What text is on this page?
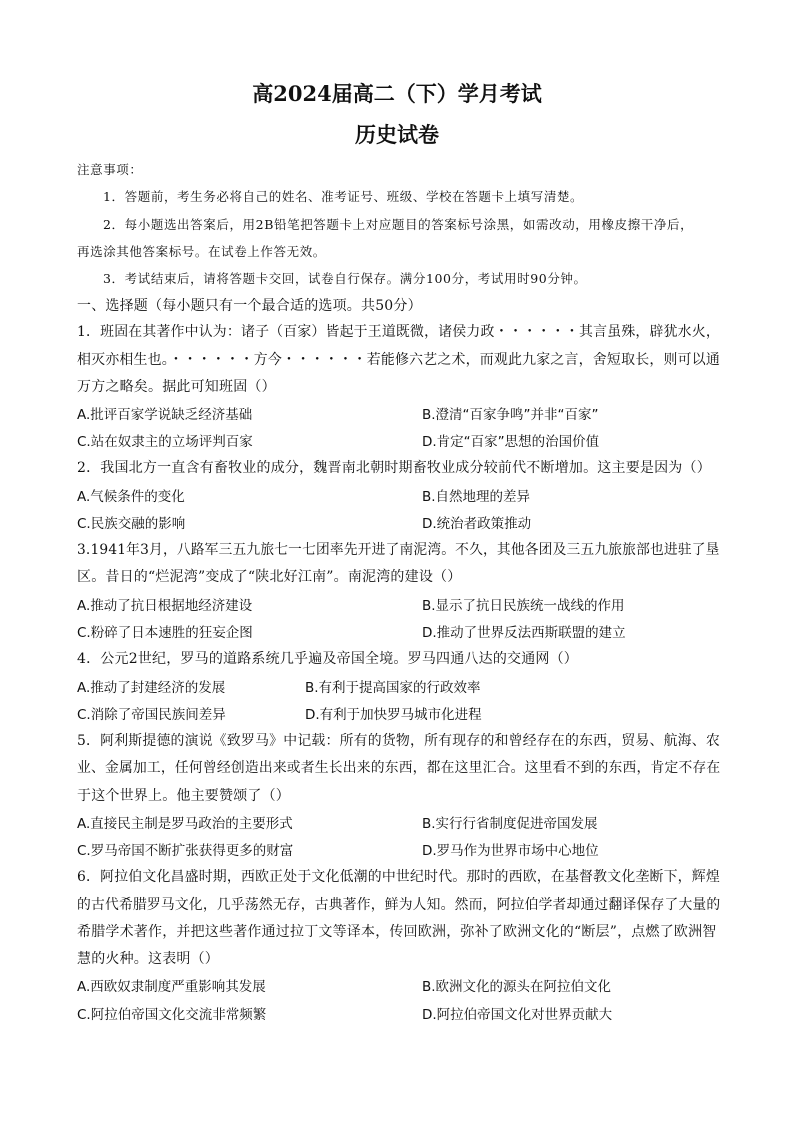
高2024届高二（下）学月考试
历史试卷
注意事项：
1．答题前，考生务必将自己的姓名、准考证号、班级、学校在答题卡上填写清楚。
2．每小题选出答案后，用2B铅笔把答题卡上对应题目的答案标号涂黑，如需改动，用橡皮擦干净后，
再选涂其他答案标号。在试卷上作答无效。
3．考试结束后，请将答题卡交回，试卷自行保存。满分100分，考试用时90分钟。
一、选择题（每小题只有一个最合适的选项。共50分）
1．班固在其著作中认为：诸子（百家）皆起于王道既微，诸侯力政・・・・・・其言虽殊，辟犹水火，
相灭亦相生也。・・・・・・方今・・・・・・若能修六艺之术，而观此九家之言，舍短取长，则可以通
万方之略矣。据此可知班固（）
A.批评百家学说缺乏经济基础	B.澄清“百家争鸣”并非“百家”
C.站在奴隶主的立场评判百家	D.肯定“百家”思想的治国价值
2．我国北方一直含有畜牧业的成分，魏晋南北朝时期畜牧业成分较前代不断增加。这主要是因为（）
A.气候条件的变化	B.自然地理的差异
C.民族交融的影响	D.统治者政策推动
3.1941年3月，八路军三五九旅七一七团率先开进了南泥湾。不久，其他各团及三五九旅旅部也进驻了垦
区。昔日的“烂泥湾”变成了“陕北好江南”。南泥湾的建设（）
A.推动了抗日根据地经济建设	B.显示了抗日民族统一战线的作用
C.粉碎了日本速胜的狂妄企图	D.推动了世界反法西斯联盟的建立
4．公元2世纪，罗马的道路系统几乎遍及帝国全境。罗马四通八达的交通网（）
A.推动了封建经济的发展	B.有利于提高国家的行政效率
C.消除了帝国民族间差异	D.有利于加快罗马城市化进程
5．阿利斯提德的演说《致罗马》中记载：所有的货物，所有现存的和曾经存在的东西，贸易、航海、农
业、金属加工，任何曾经创造出来或者生长出来的东西，都在这里汇合。这里看不到的东西，肯定不存在
于这个世界上。他主要赞颂了（）
A.直接民主制是罗马政治的主要形式	B.实行行省制度促进帝国发展
C.罗马帝国不断扩张获得更多的财富	D.罗马作为世界市场中心地位
6．阿拉伯文化昌盛时期，西欧正处于文化低潮的中世纪时代。那时的西欧，在基督教文化垄断下，辉煌
的古代希腊罗马文化，几乎荡然无存，古典著作，鲜为人知。然而，阿拉伯学者却通过翻译保存了大量的
希腊学术著作，并把这些著作通过拉丁文等译本，传回欧洲，弥补了欧洲文化的“断层”，点燃了欧洲智
慧的火种。这表明（）
A.西欧奴隶制度严重影响其发展	B.欧洲文化的源头在阿拉伯文化
C.阿拉伯帝国文化交流非常频繁	D.阿拉伯帝国文化对世界贡献大
